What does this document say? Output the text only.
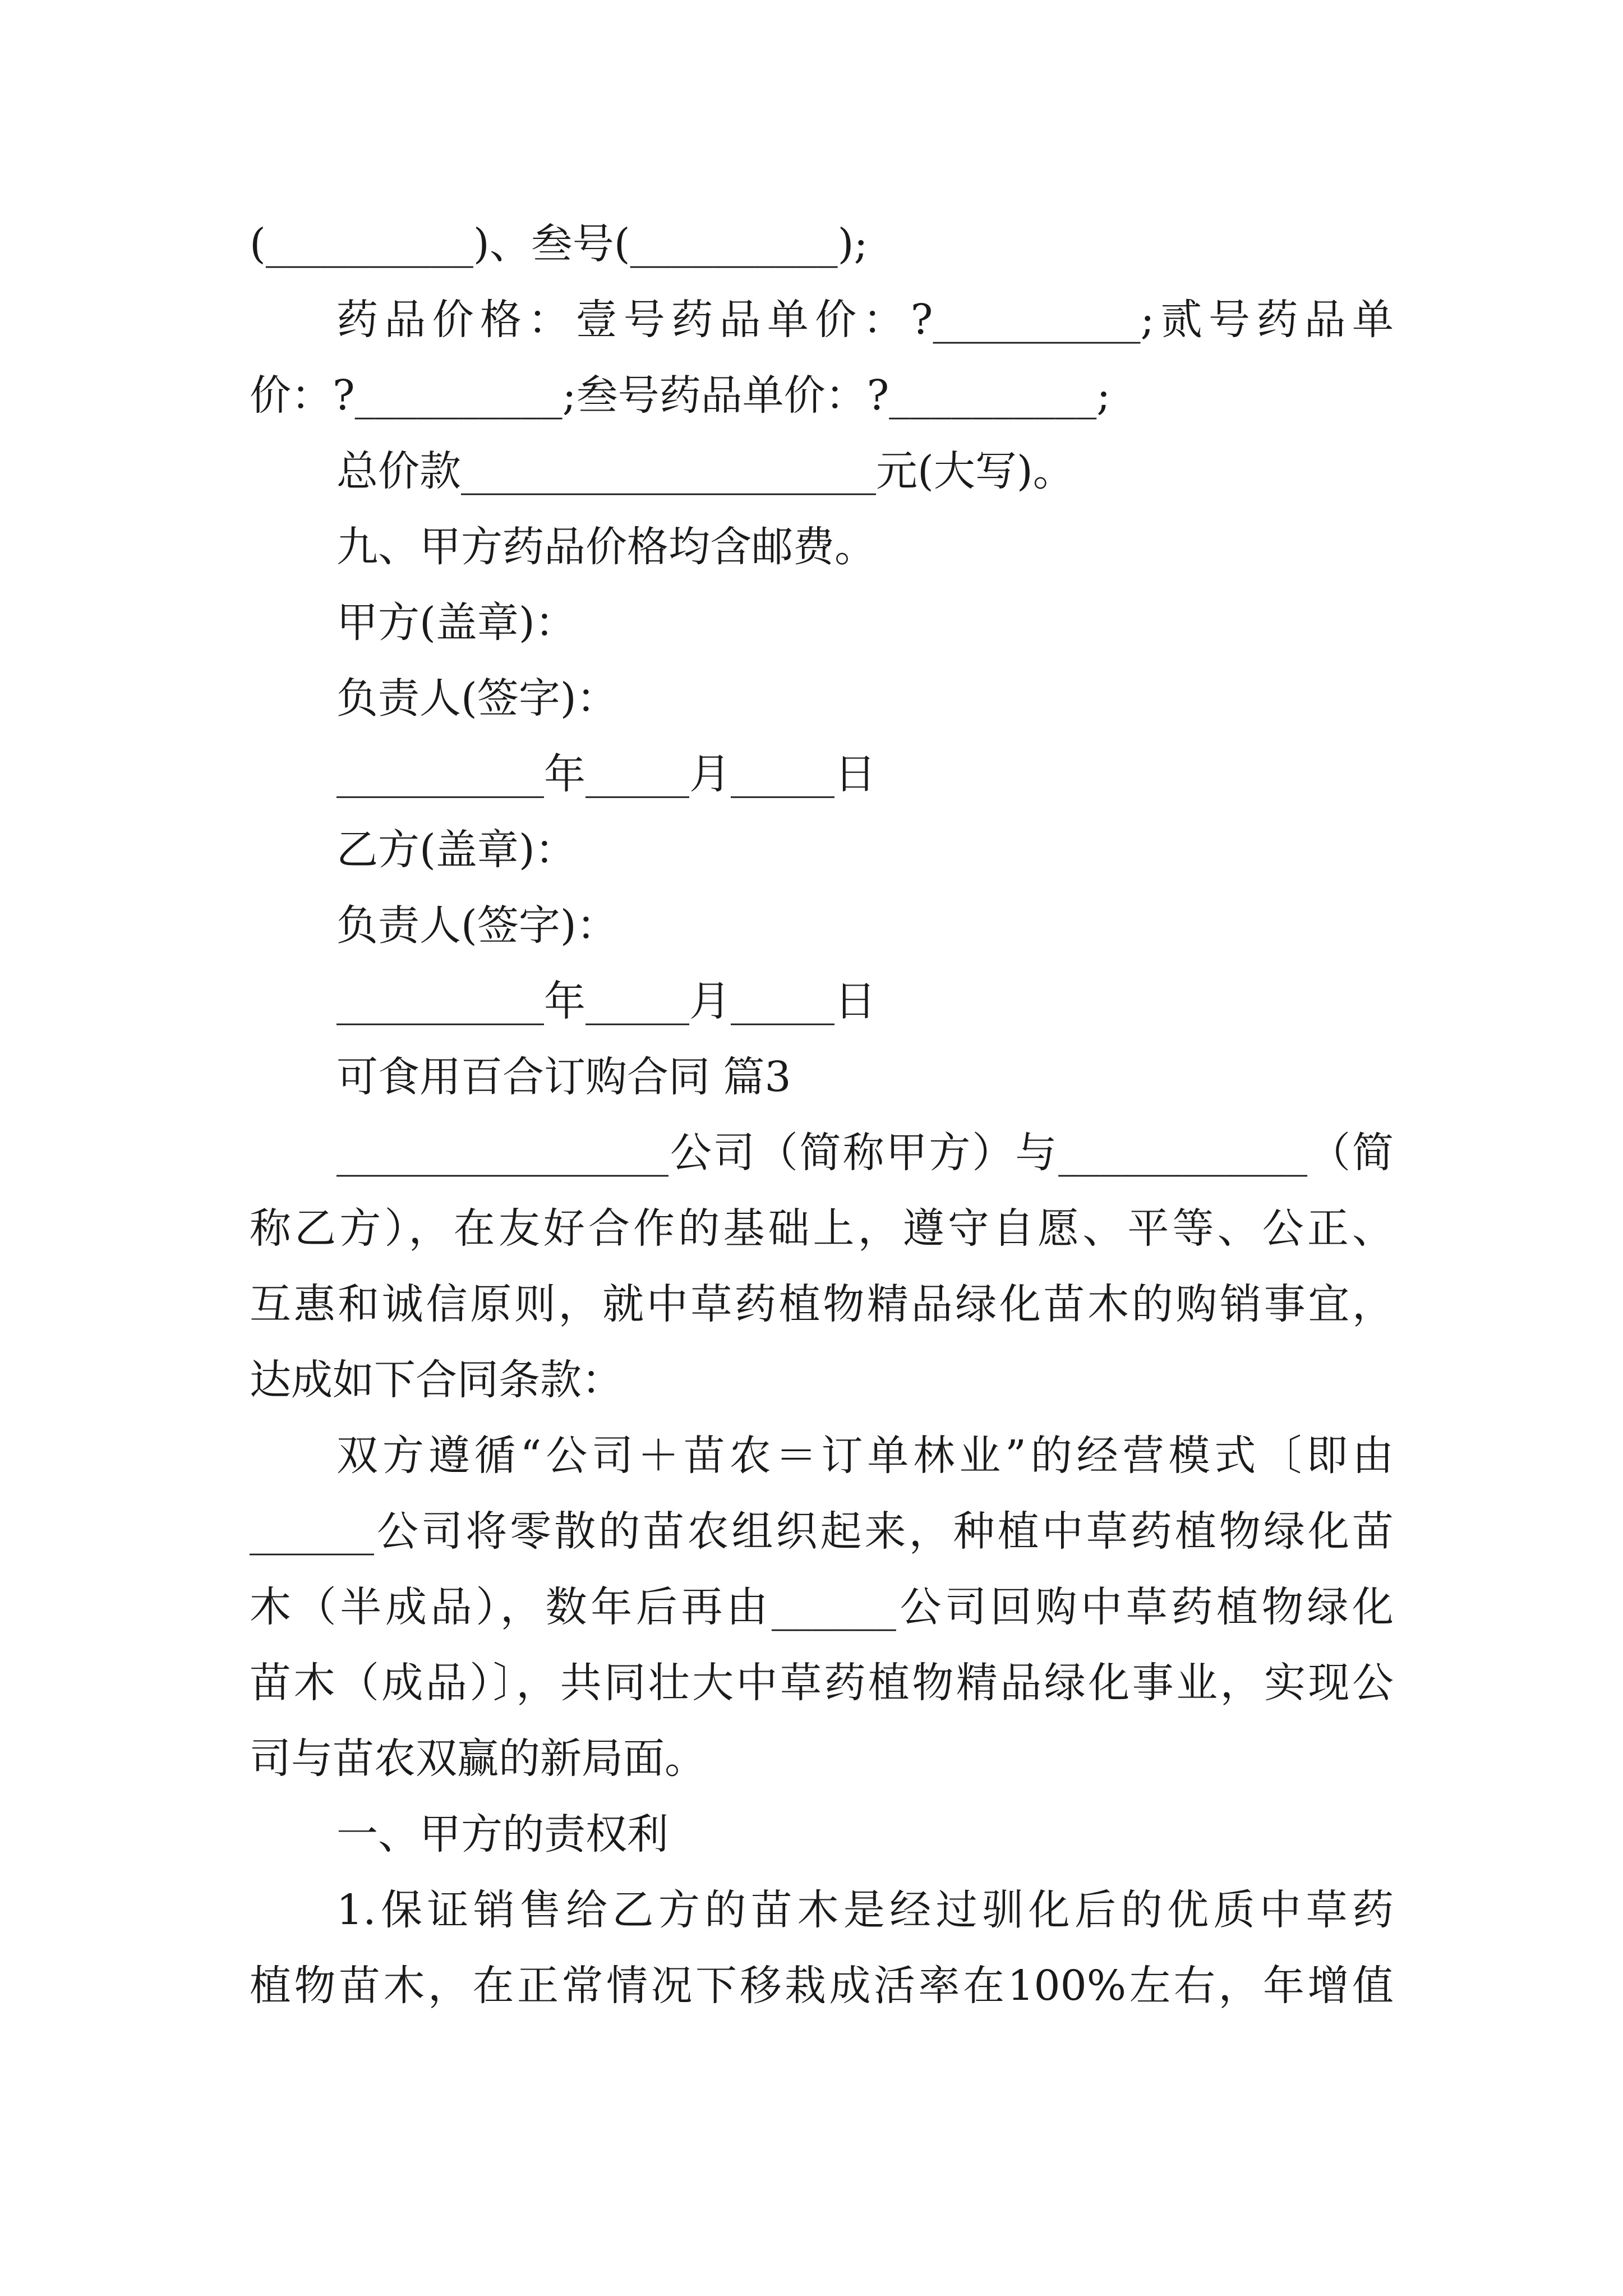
(__________)、叁号(__________);
药品价格：壹号药品单价：?__________;贰号药品单
价：?__________;叁号药品单价：?__________;
总价款____________________元(大写)。
九、甲方药品价格均含邮费。
甲方(盖章)：
负责人(签字)：
__________年_____月_____日
乙方(盖章)：
负责人(签字)：
__________年_____月_____日
可食用百合订购合同 篇3
________________公司（简称甲方）与____________（简
称乙方），在友好合作的基础上，遵守自愿、平等、公正、
互惠和诚信原则，就中草药植物精品绿化苗木的购销事宜，
达成如下合同条款：
双方遵循“公司＋苗农＝订单林业”的经营模式〔即由
______公司将零散的苗农组织起来，种植中草药植物绿化苗
木（半成品），数年后再由______公司回购中草药植物绿化
苗木（成品）〕，共同壮大中草药植物精品绿化事业，实现公
司与苗农双赢的新局面。
一、甲方的责权利
1.保证销售给乙方的苗木是经过驯化后的优质中草药
植物苗木，在正常情况下移栽成活率在100%左右，年增值
